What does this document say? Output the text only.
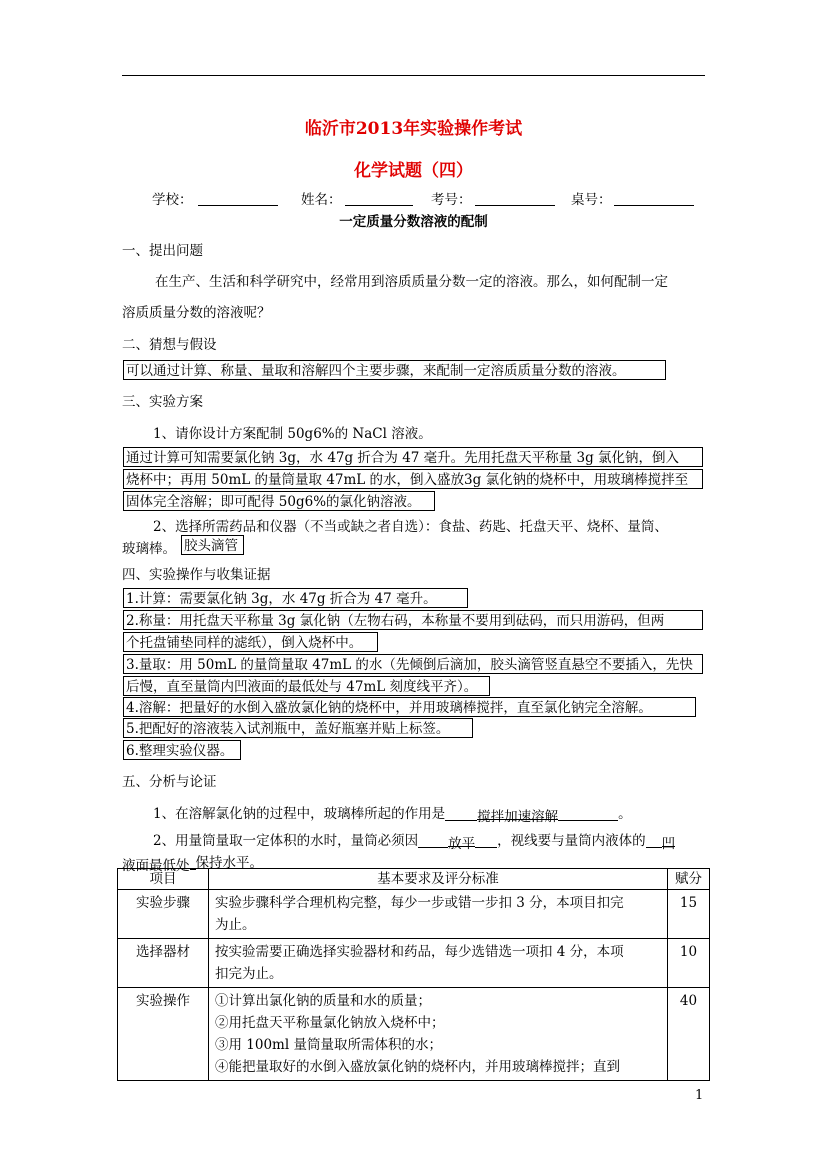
临沂市2013年实验操作考试
化学试题（四）
学校：	姓名：	考号：	桌号：
一定质量分数溶液的配制
一、提出问题
在生产、生活和科学研究中，经常用到溶质质量分数一定的溶液。那么，如何配制一定
溶质质量分数的溶液呢？
二、猜想与假设
可以通过计算、称量、量取和溶解四个主要步骤，来配制一定溶质质量分数的溶液。
三、实验方案
1、请你设计方案配制 50g6%的 NaCl 溶液。
通过计算可知需要氯化钠 3g，水 47g 折合为 47 毫升。先用托盘天平称量 3g 氯化钠，倒入
烧杯中；再用 50mL 的量筒量取 47mL 的水，倒入盛放3g 氯化钠的烧杯中，用玻璃棒搅拌至
固体完全溶解；即可配得 50g6%的氯化钠溶液。
2、选择所需药品和仪器（不当或缺之者自选）：食盐、药匙、托盘天平、烧杯、量筒、
玻璃棒。 胶头滴管
四、实验操作与收集证据
1.计算：需要氯化钠 3g，水 47g 折合为 47 毫升。
2.称量：用托盘天平称量 3g 氯化钠（左物右码，本称量不要用到砝码，而只用游码，但两
个托盘铺垫同样的滤纸），倒入烧杯中。
3.量取：用 50mL 的量筒量取 47mL 的水（先倾倒后滴加，胶头滴管竖直悬空不要插入，先快
后慢，直至量筒内凹液面的最低处与 47mL 刻度线平齐）。
4.溶解：把量好的水倒入盛放氯化钠的烧杯中，并用玻璃棒搅拌，直至氯化钠完全溶解。
5.把配好的溶液装入试剂瓶中，盖好瓶塞并贴上标签。
6.整理实验仪器。
五、分析与论证
1、在溶解氯化钠的过程中，玻璃棒所起的作用是 搅拌加速溶解	。
2、用量筒量取一定体积的水时，量筒必须因 放平 ，视线要与量筒内液体的 凹
液面最低处 保持水平。
项目	基本要求及评分标准	赋分
实验步骤	实验步骤科学合理机构完整，每少一步或错一步扣 3 分，本项目扣完
为止。	15
选择器材	按实验需要正确选择实验器材和药品，每少选错选一项扣 4 分，本项
扣完为止。	10
实验操作	①计算出氯化钠的质量和水的质量；
②用托盘天平称量氯化钠放入烧杯中；
③用 100ml 量筒量取所需体积的水；
④能把量取好的水倒入盛放氯化钠的烧杯内，并用玻璃棒搅拌；直到	40
1
